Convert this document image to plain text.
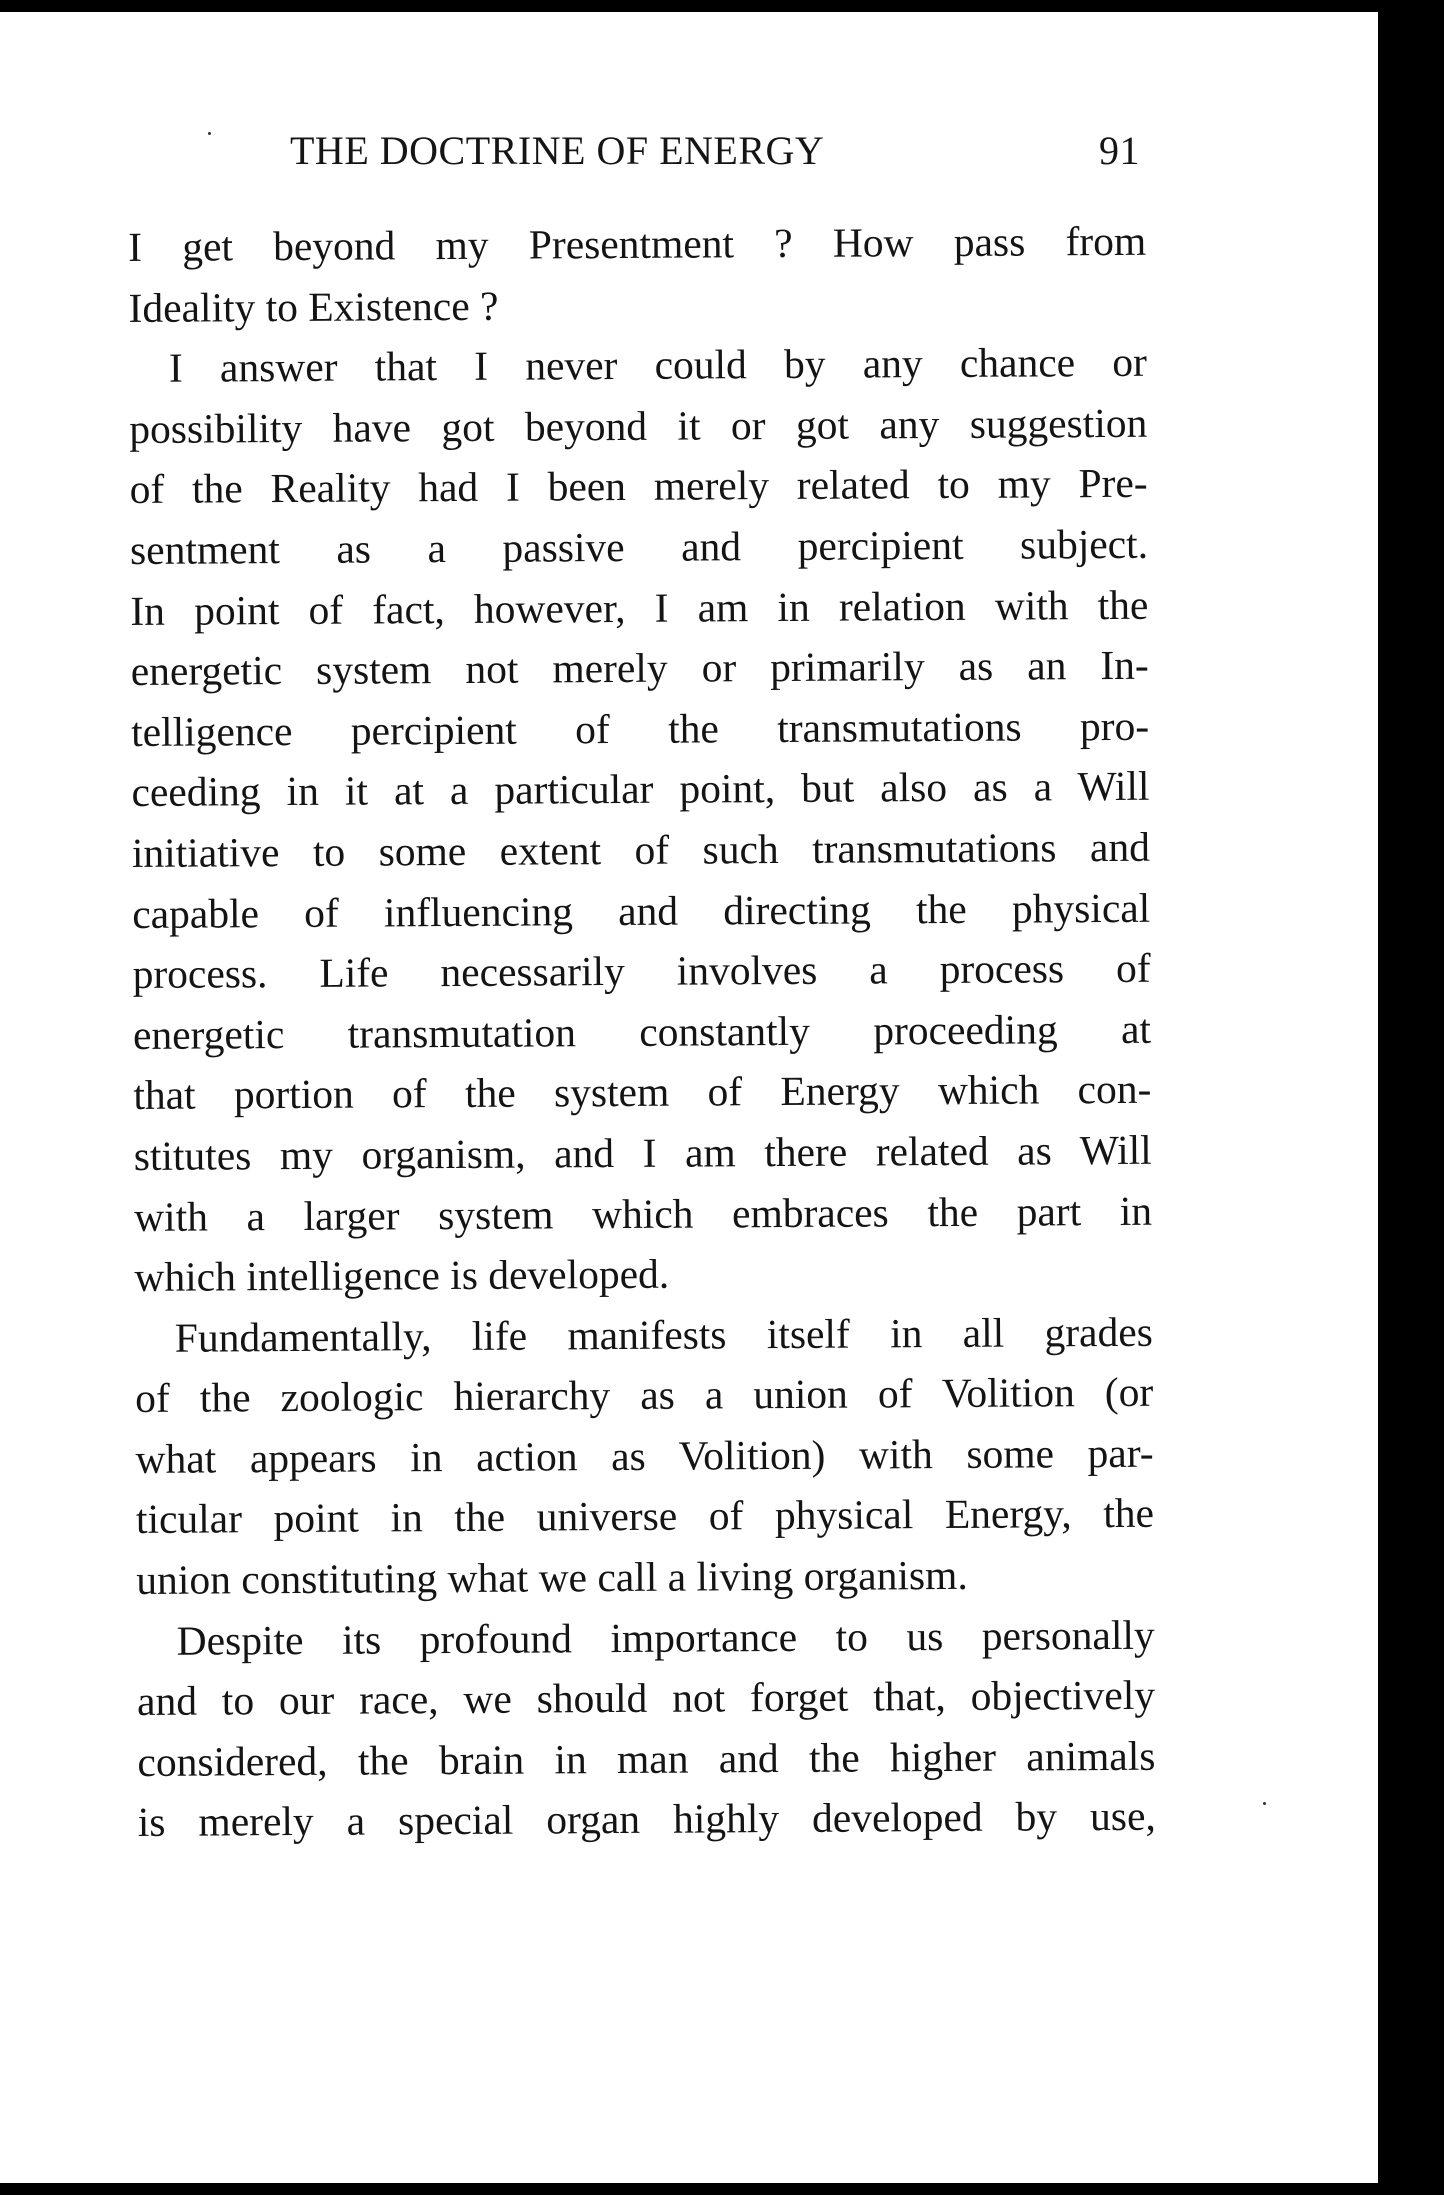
THE DOCTRINE OF ENERGY	91
I get beyond my Presentment ? How pass from
Ideality to Existence ?
I answer that I never could by any chance or
possibility have got beyond it or got any suggestion
of the Reality had I been merely related to my Pre-
sentment as a passive and percipient subject.
In point of fact, however, I am in relation with the
energetic system not merely or primarily as an In-
telligence percipient of the transmutations pro-
ceeding in it at a particular point, but also as a Will
initiative to some extent of such transmutations and
capable of influencing and directing the physical
process. Life necessarily involves a process of
energetic transmutation constantly proceeding at
that portion of the system of Energy which con-
stitutes my organism, and I am there related as Will
with a larger system which embraces the part in
which intelligence is developed.
Fundamentally, life manifests itself in all grades
of the zoologic hierarchy as a union of Volition (or
what appears in action as Volition) with some par-
ticular point in the universe of physical Energy, the
union constituting what we call a living organism.
Despite its profound importance to us personally
and to our race, we should not forget that, objectively
considered, the brain in man and the higher animals
is merely a special organ highly developed by use,
